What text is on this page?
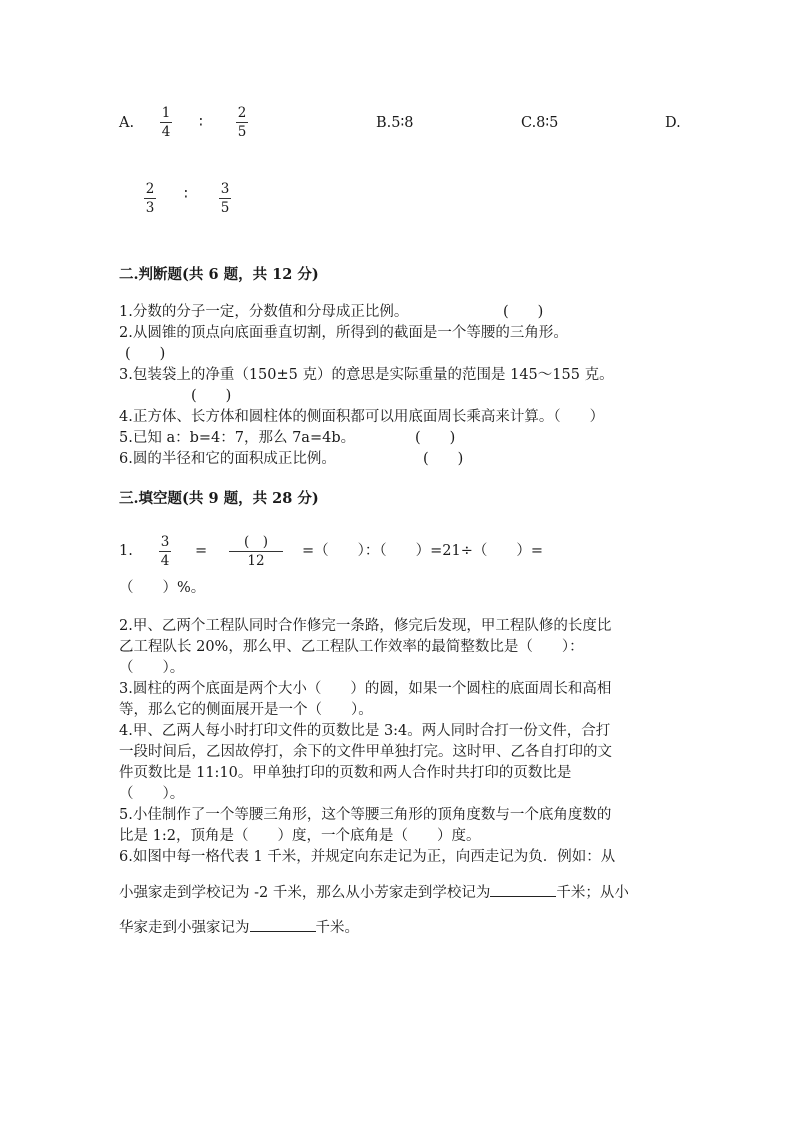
A.
1
4
∶
2
5
B.5∶8	C.8∶5	D.
2
3
∶ 3
5
二.判断题(共 6 题，共 12 分)
1.分数的分子一定，分数值和分母成正比例。	(　　)
2.从圆锥的顶点向底面垂直切割，所得到的截面是一个等腰的三角形。
(　　)
3.包装袋上的净重（150±5 克）的意思是实际重量的范围是 145～155 克。
(　　)
4.正方体、长方体和圆柱体的侧面积都可以用底面周长乘高来计算。（　　）
5.已知 a：b=4：7，那么 7a=4b。	(　　)
6.圆的半径和它的面积成正比例。	(　　)
三.填空题(共 9 题，共 28 分)
1.
3
4
=
(　)
12
=（　　）：（　　）=21÷（　　）=
（　　）%。
2.甲、乙两个工程队同时合作修完一条路，修完后发现，甲工程队修的长度比
乙工程队长 20%，那么甲、乙工程队工作效率的最简整数比是（　　）：
（　　）。
3.圆柱的两个底面是两个大小（　　）的圆，如果一个圆柱的底面周长和高相
等，那么它的侧面展开是一个（　　）。
4.甲、乙两人每小时打印文件的页数比是 3:4。两人同时合打一份文件，合打
一段时间后，乙因故停打，余下的文件甲单独打完。这时甲、乙各自打印的文
件页数比是 11:10。甲单独打印的页数和两人合作时共打印的页数比是
（　　）。
5.小佳制作了一个等腰三角形，这个等腰三角形的顶角度数与一个底角度数的
比是 1:2，顶角是（　　）度，一个底角是（　　）度。
6.如图中每一格代表 1 千米，并规定向东走记为正，向西走记为负．例如：从
小强家走到学校记为 -2 千米，那么从小芳家走到学校记为	千米；从小
华家走到小强家记为	千米。
